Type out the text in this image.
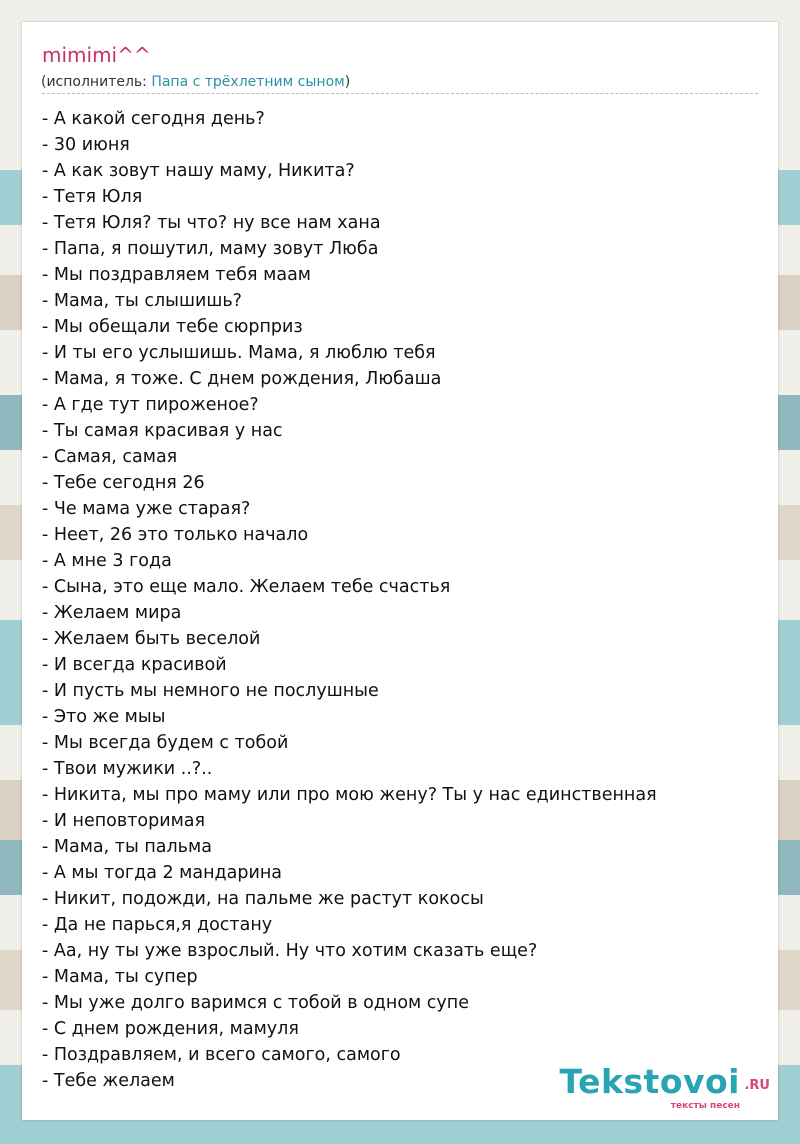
mimimi^^
(исполнитель: Папа с трёхлетним сыном)
- А какой сегодня день?
- 30 июня
- А как зовут нашу маму, Никита?
- Тетя Юля
- Тетя Юля? ты что? ну все нам хана
- Папа, я пошутил, маму зовут Люба
- Мы поздравляем тебя маам
- Мама, ты слышишь?
- Мы обещали тебе сюрприз
- И ты его услышишь. Мама, я люблю тебя
- Мама, я тоже. С днем рождения, Любаша
- А где тут пироженое?
- Ты самая красивая у нас
- Самая, самая
- Тебе сегодня 26
- Че мама уже старая?
- Неет, 26 это только начало
- А мне 3 года
- Сына, это еще мало. Желаем тебе счастья
- Желаем мира
- Желаем быть веселой
- И всегда красивой
- И пусть мы немного не послушные
- Это же мыы
- Мы всегда будем с тобой
- Твои мужики ..?..
- Никита, мы про маму или про мою жену? Ты у нас единственная
- И неповторимая
- Мама, ты пальма
- А мы тогда 2 мандарина
- Никит, подожди, на пальме же растут кокосы
- Да не парься,я достану
- Аа, ну ты уже взрослый. Ну что хотим сказать еще?
- Мама, ты супер
- Мы уже долго варимся с тобой в одном супе
- С днем рождения, мамуля
- Поздравляем, и всего самого, самого
- Тебе желаем	Tekstovoi .RU
тексты песен
